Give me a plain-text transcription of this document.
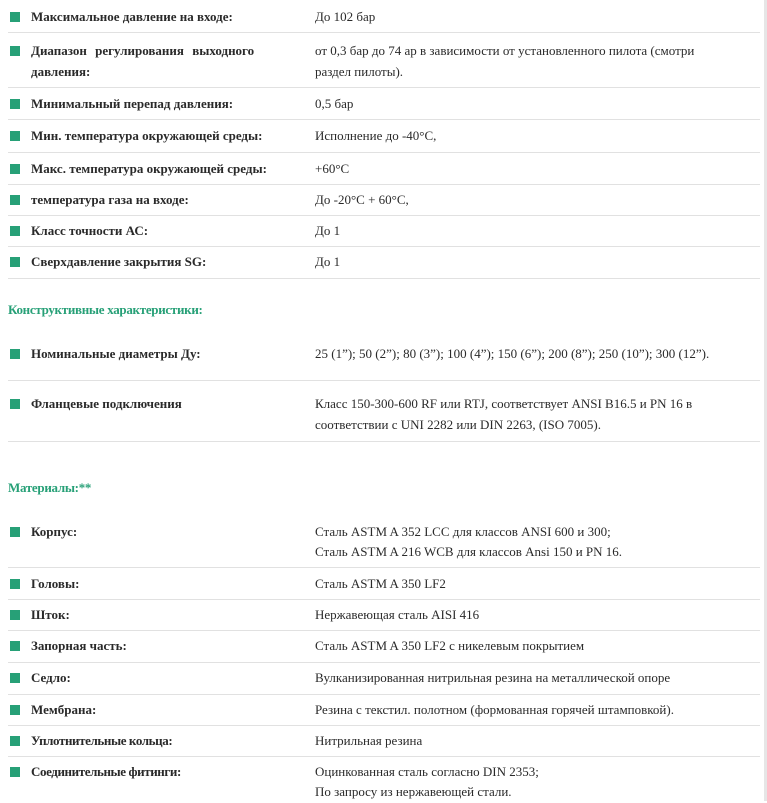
Максимальное давление на входе:	До 102 бар
Диапазон регулирования выходного
давления:
от 0,3 бар до 74 ар в зависимости от установленного пилота (смотри
раздел пилоты).
Минимальный перепад давления:	0,5 бар
Мин. температура окружающей среды:	Исполнение до -40°С,
Макс. температура окружающей среды:	+60°С
температура газа на входе:	До -20°С + 60°С,
Класс точности АС:	До 1
Сверхдавление закрытия SG:	До 1
Конструктивные характеристики:
Номинальные диаметры Ду:	25 (1”); 50 (2”); 80 (3”); 100 (4”); 150 (6”); 200 (8”); 250 (10”); 300 (12”).
Фланцевые подключения	Класс 150-300-600 RF или RTJ, соответствует ANSI B16.5 и PN 16 в
соответствии с UNI 2282 или DIN 2263, (ISO 7005).
Материалы:**
Корпус:	Сталь ASTM A 352 LCC для классов ANSI 600 и 300;
Сталь ASTM A 216 WCB для классов Ansi 150 и PN 16.
Головы:	Сталь ASTM A 350 LF2
Шток:	Нержавеющая сталь AISI 416
Запорная часть:	Сталь ASTM A 350 LF2 с никелевым покрытием
Седло:	Вулканизированная нитрильная резина на металлической опоре
Мембрана:	Резина с текстил. полотном (формованная горячей штамповкой).
Уплотнительные кольца:	Нитрильная резина
Соединительные фитинги:	Оцинкованная сталь согласно DIN 2353;
По запросу из нержавеющей стали.
